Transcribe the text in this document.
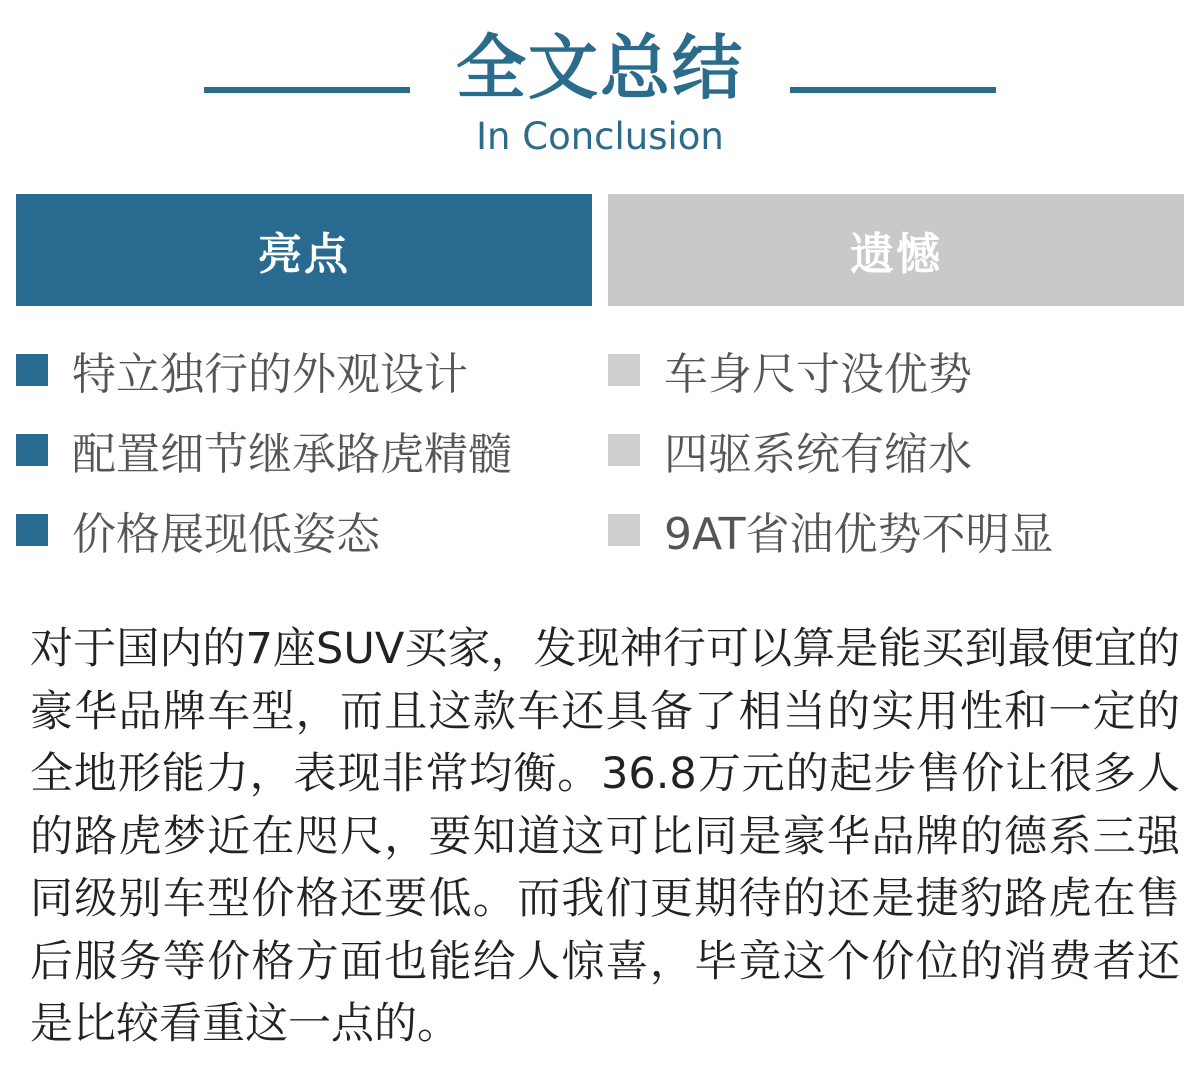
全文总结
In Conclusion
亮点	遗憾
特立独行的外观设计
配置细节继承路虎精髓
价格展现低姿态
车身尺寸没优势
四驱系统有缩水
9AT省油优势不明显

对于国内的7座SUV买家，发现神行可以算是能买到最便宜的豪华品牌车型，而且这款车还具备了相当的实用性和一定的全地形能力，表现非常均衡。36.8万元的起步售价让很多人的路虎梦近在咫尺，要知道这可比同是豪华品牌的德系三强同级别车型价格还要低。而我们更期待的还是捷豹路虎在售后服务等价格方面也能给人惊喜，毕竟这个价位的消费者还是比较看重这一点的。
